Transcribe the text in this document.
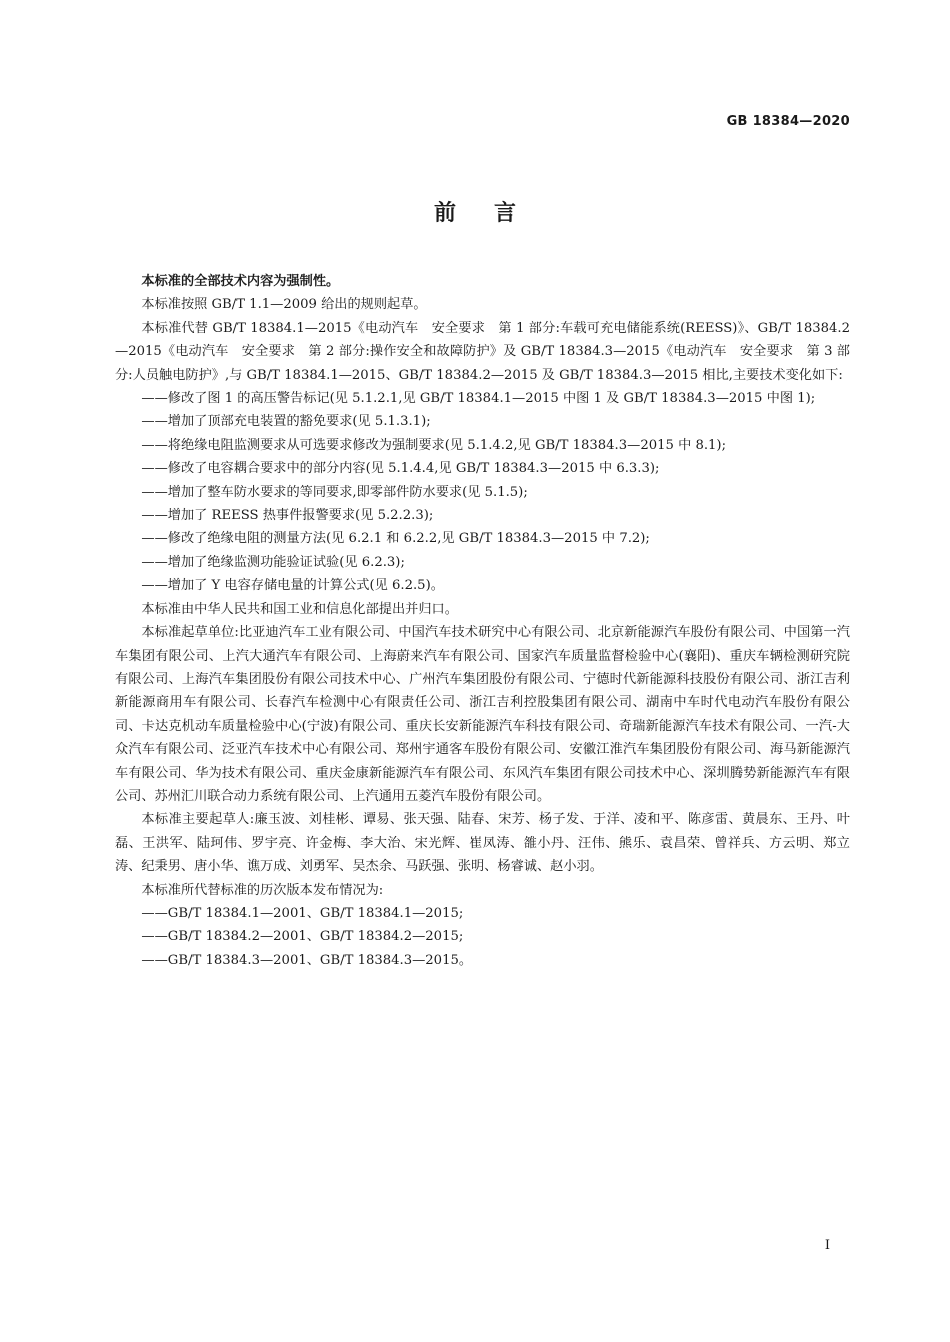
GB 18384—2020
前言

本标准的全部技术内容为强制性。

本标准按照 GB/T 1.1—2009 给出的规则起草。

本标准代替 GB/T 18384.1—2015《电动汽车　安全要求　第 1 部分:车载可充电储能系统(REESS)》、GB/T 18384.2—2015《电动汽车　安全要求　第 2 部分:操作安全和故障防护》及 GB/T 18384.3—2015《电动汽车　安全要求　第 3 部分:人员触电防护》,与 GB/T 18384.1—2015、GB/T 18384.2—2015 及 GB/T 18384.3—2015 相比,主要技术变化如下:

——修改了图 1 的高压警告标记(见 5.1.2.1,见 GB/T 18384.1—2015 中图 1 及 GB/T 18384.3—2015 中图 1);
——增加了顶部充电装置的豁免要求(见 5.1.3.1);
——将绝缘电阻监测要求从可选要求修改为强制要求(见 5.1.4.2,见 GB/T 18384.3—2015 中 8.1);
——修改了电容耦合要求中的部分内容(见 5.1.4.4,见 GB/T 18384.3—2015 中 6.3.3);
——增加了整车防水要求的等同要求,即零部件防水要求(见 5.1.5);
——增加了 REESS 热事件报警要求(见 5.2.2.3);
——修改了绝缘电阻的测量方法(见 6.2.1 和 6.2.2,见 GB/T 18384.3—2015 中 7.2);
——增加了绝缘监测功能验证试验(见 6.2.3);
——增加了 Y 电容存储电量的计算公式(见 6.2.5)。

本标准由中华人民共和国工业和信息化部提出并归口。

本标准起草单位:比亚迪汽车工业有限公司、中国汽车技术研究中心有限公司、北京新能源汽车股份有限公司、中国第一汽车集团有限公司、上汽大通汽车有限公司、上海蔚来汽车有限公司、国家汽车质量监督检验中心(襄阳)、重庆车辆检测研究院有限公司、上海汽车集团股份有限公司技术中心、广州汽车集团股份有限公司、宁德时代新能源科技股份有限公司、浙江吉利新能源商用车有限公司、长春汽车检测中心有限责任公司、浙江吉利控股集团有限公司、湖南中车时代电动汽车股份有限公司、卡达克机动车质量检验中心(宁波)有限公司、重庆长安新能源汽车科技有限公司、奇瑞新能源汽车技术有限公司、一汽-大众汽车有限公司、泛亚汽车技术中心有限公司、郑州宇通客车股份有限公司、安徽江淮汽车集团股份有限公司、海马新能源汽车有限公司、华为技术有限公司、重庆金康新能源汽车有限公司、东风汽车集团有限公司技术中心、深圳腾势新能源汽车有限公司、苏州汇川联合动力系统有限公司、上汽通用五菱汽车股份有限公司。

本标准主要起草人:廉玉波、刘桂彬、谭易、张天强、陆春、宋芳、杨子发、于洋、凌和平、陈彦雷、黄晨东、王丹、叶磊、王洪军、陆珂伟、罗宇亮、许金梅、李大治、宋光辉、崔凤涛、雒小丹、汪伟、熊乐、袁昌荣、曾祥兵、方云明、郑立涛、纪秉男、唐小华、谯万成、刘勇军、吴杰余、马跃强、张明、杨睿诚、赵小羽。

本标准所代替标准的历次版本发布情况为:

——GB/T 18384.1—2001、GB/T 18384.1—2015;
——GB/T 18384.2—2001、GB/T 18384.2—2015;
——GB/T 18384.3—2001、GB/T 18384.3—2015。
I
